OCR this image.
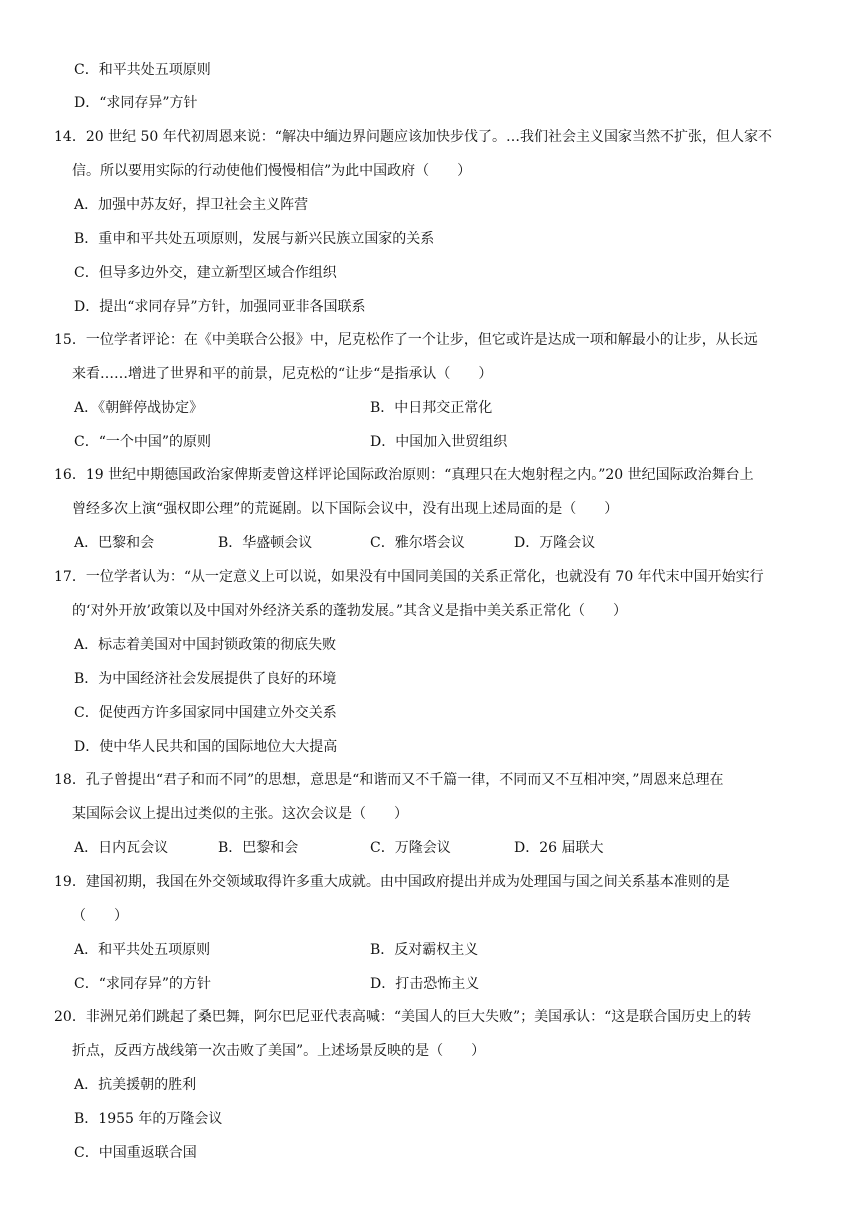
C．和平共处五项原则
D．“求同存异”方针
14．20 世纪 50 年代初周恩来说：“解决中缅边界问题应该加快步伐了。…我们社会主义国家当然不扩张，但人家不
信。所以要用实际的行动使他们慢慢相信”为此中国政府（　　）
A．加强中苏友好，捍卫社会主义阵营
B．重申和平共处五项原则，发展与新兴民族立国家的关系
C．但导多边外交，建立新型区域合作组织
D．提出“求同存异”方针，加强同亚非各国联系
15．一位学者评论：在《中美联合公报》中，尼克松作了一个让步，但它或许是达成一项和解最小的让步，从长远
来看……增进了世界和平的前景，尼克松的“让步“是指承认（　　）
A．《朝鲜停战协定》	B．中日邦交正常化
C．“一个中国”的原则	D．中国加入世贸组织
16．19 世纪中期德国政治家俾斯麦曾这样评论国际政治原则：“真理只在大炮射程之内。”20 世纪国际政治舞台上
曾经多次上演“强权即公理”的荒诞剧。以下国际会议中，没有出现上述局面的是（　　）
A．巴黎和会	B．华盛顿会议	C．雅尔塔会议	D．万隆会议
17．一位学者认为：“从一定意义上可以说，如果没有中国同美国的关系正常化，也就没有 70 年代末中国开始实行
的‘对外开放’政策以及中国对外经济关系的蓬勃发展。”其含义是指中美关系正常化（　　）
A．标志着美国对中国封锁政策的彻底失败
B．为中国经济社会发展提供了良好的环境
C．促使西方许多国家同中国建立外交关系
D．使中华人民共和国的国际地位大大提高
18．孔子曾提出“君子和而不同”的思想，意思是“和谐而又不千篇一律，不同而又不互相冲突，”周恩来总理在
某国际会议上提出过类似的主张。这次会议是（　　）
A．日内瓦会议	B．巴黎和会	C．万隆会议	D．26 届联大
19．建国初期，我国在外交领域取得许多重大成就。由中国政府提出并成为处理国与国之间关系基本准则的是
（　　）
A．和平共处五项原则	B．反对霸权主义
C．“求同存异”的方针	D．打击恐怖主义
20．非洲兄弟们跳起了桑巴舞，阿尔巴尼亚代表高喊：“美国人的巨大失败”；美国承认：“这是联合国历史上的转
折点，反西方战线第一次击败了美国”。上述场景反映的是（　　）
A．抗美援朝的胜利
B．1955 年的万隆会议
C．中国重返联合国
